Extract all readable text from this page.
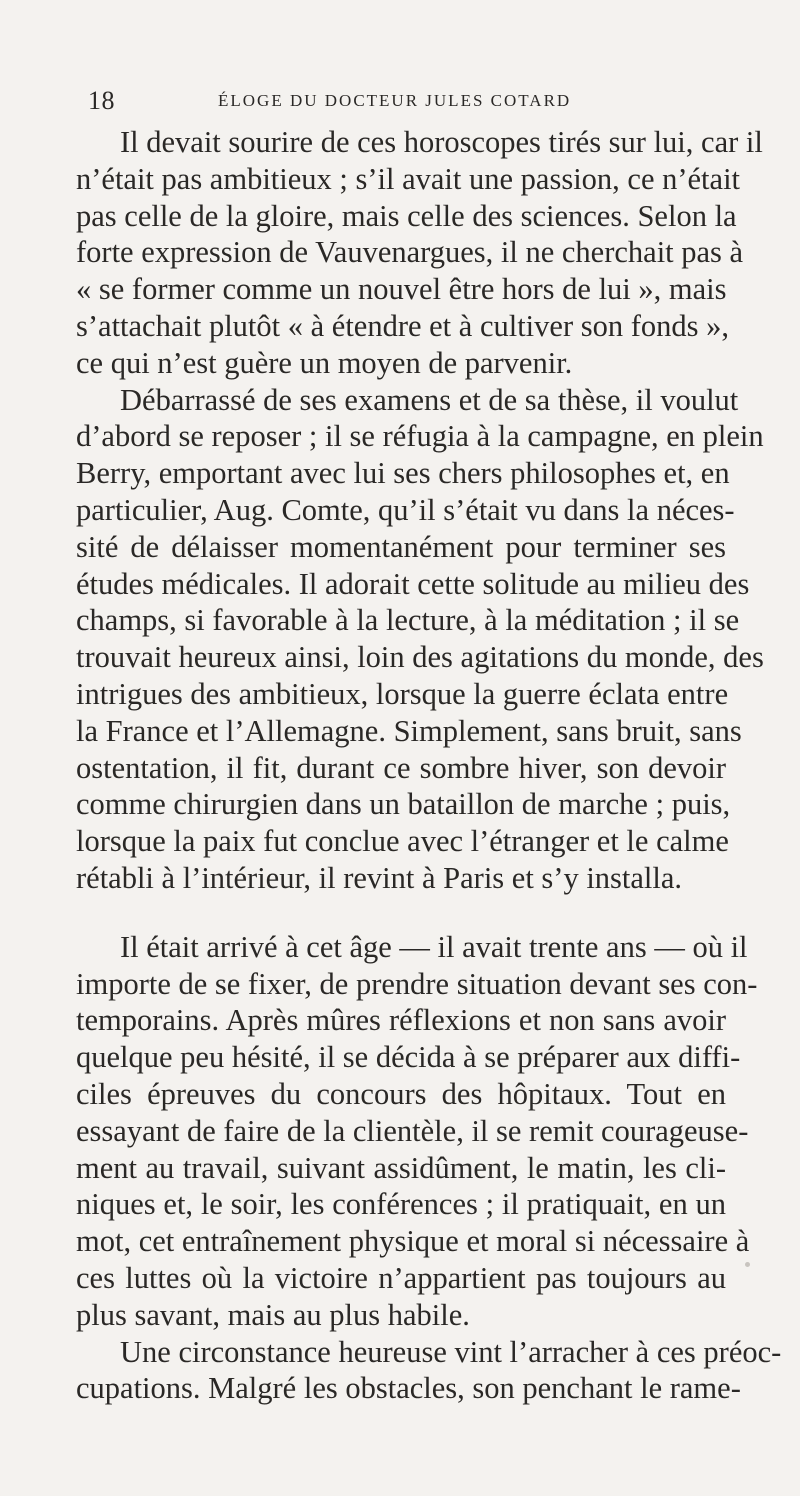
18	ÉLOGE DU DOCTEUR JULES COTARD
Il devait sourire de ces horoscopes tirés sur lui, car il
n’était pas ambitieux ; s’il avait une passion, ce n’était
pas celle de la gloire, mais celle des sciences. Selon la
forte expression de Vauvenargues, il ne cherchait pas à
« se former comme un nouvel être hors de lui », mais
s’attachait plutôt « à étendre et à cultiver son fonds »,
ce qui n’est guère un moyen de parvenir.
Débarrassé de ses examens et de sa thèse, il voulut
d’abord se reposer ; il se réfugia à la campagne, en plein
Berry, emportant avec lui ses chers philosophes et, en
particulier, Aug. Comte, qu’il s’était vu dans la néces-
sité de délaisser momentanément pour terminer ses
études médicales. Il adorait cette solitude au milieu des
champs, si favorable à la lecture, à la méditation ; il se
trouvait heureux ainsi, loin des agitations du monde, des
intrigues des ambitieux, lorsque la guerre éclata entre
la France et l’Allemagne. Simplement, sans bruit, sans
ostentation, il fit, durant ce sombre hiver, son devoir
comme chirurgien dans un bataillon de marche ; puis,
lorsque la paix fut conclue avec l’étranger et le calme
rétabli à l’intérieur, il revint à Paris et s’y installa.
Il était arrivé à cet âge — il avait trente ans — où il
importe de se fixer, de prendre situation devant ses con-
temporains. Après mûres réflexions et non sans avoir
quelque peu hésité, il se décida à se préparer aux diffi-
ciles épreuves du concours des hôpitaux. Tout en
essayant de faire de la clientèle, il se remit courageuse-
ment au travail, suivant assidûment, le matin, les cli-
niques et, le soir, les conférences ; il pratiquait, en un
mot, cet entraînement physique et moral si nécessaire à
ces luttes où la victoire n’appartient pas toujours au
plus savant, mais au plus habile.
Une circonstance heureuse vint l’arracher à ces préoc-
cupations. Malgré les obstacles, son penchant le rame-
